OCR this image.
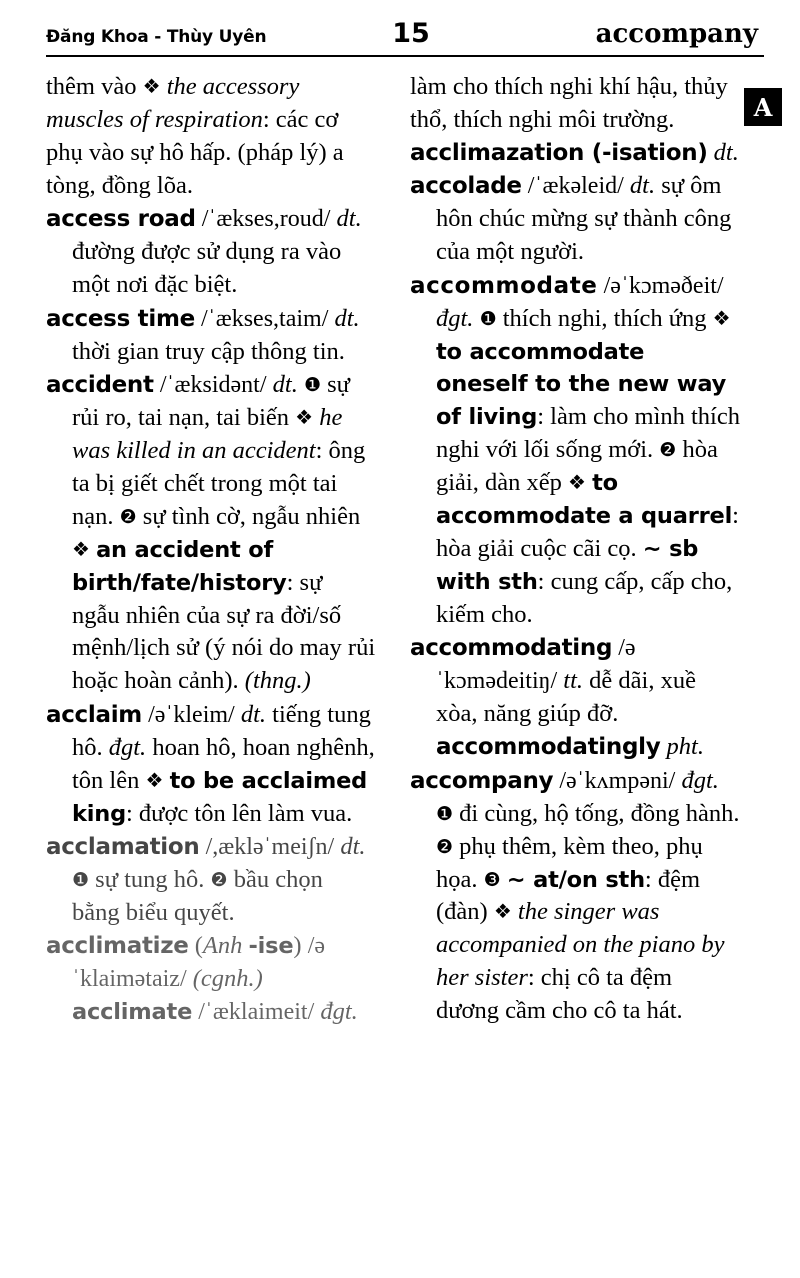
Đăng Khoa - Thùy Uyên	15	accompany
A

thêm vào ❖ the accessory muscles of respiration: các cơ phụ vào sự hô hấp. (pháp lý) a tòng, đồng lõa.

access road /ˈækses,roud/ dt. đường được sử dụng ra vào một nơi đặc biệt.

access time /ˈækses,taim/ dt. thời gian truy cập thông tin.

accident /ˈæksidənt/ dt. ❶ sự rủi ro, tai nạn, tai biến ❖ he was killed in an accident: ông ta bị giết chết trong một tai nạn. ❷ sự tình cờ, ngẫu nhiên ❖ an accident of birth/fate/history: sự ngẫu nhiên của sự ra đời/số mệnh/lịch sử (ý nói do may rủi hoặc hoàn cảnh). (thng.)

acclaim /əˈkleim/ dt. tiếng tung hô. đgt. hoan hô, hoan nghênh, tôn lên ❖ to be acclaimed king: được tôn lên làm vua.

acclamation /,ækləˈmeiʃn/ dt. ❶ sự tung hô. ❷ bầu chọn bằng biểu quyết.

acclimatize (Anh -ise) /əˈklaimətaiz/ (cgnh.) acclimate /ˈæklaimeit/ đgt.

làm cho thích nghi khí hậu, thủy thổ, thích nghi môi trường. acclimazation (-isation) dt.

accolade /ˈækəleid/ dt. sự ôm hôn chúc mừng sự thành công của một người.

accommodate /əˈkɔməðeit/ đgt. ❶ thích nghi, thích ứng ❖ to accommodate oneself to the new way of living: làm cho mình thích nghi với lối sống mới. ❷ hòa giải, dàn xếp ❖ to accommodate a quarrel: hòa giải cuộc cãi cọ. ~ sb with sth: cung cấp, cấp cho, kiếm cho.

accommodating /əˈkɔmədeitiŋ/ tt. dễ dãi, xuề xòa, năng giúp đỡ. accommodatingly pht.

accompany /əˈkʌmpəni/ đgt. ❶ đi cùng, hộ tống, đồng hành. ❷ phụ thêm, kèm theo, phụ họa. ❸ ~ at/on sth: đệm (đàn) ❖ the singer was accompanied on the piano by her sister: chị cô ta đệm dương cầm cho cô ta hát.
